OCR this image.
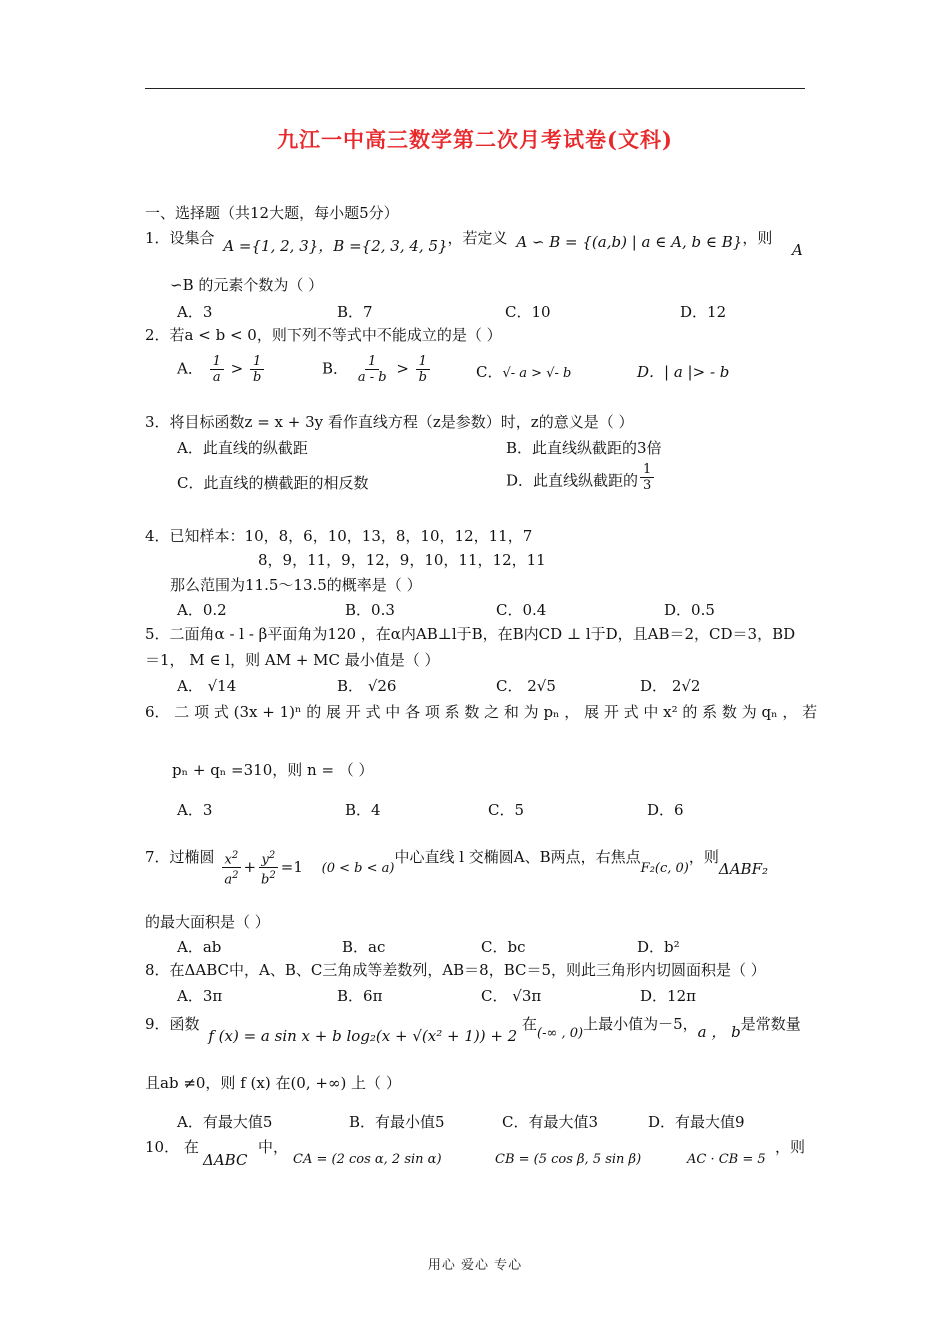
九江一中高三数学第二次月考试卷(文科)
一、选择题（共12大题，每小题5分）
1．设集合 A ={1, 2, 3}，B ={2, 3, 4, 5}，若定义 A ∽ B = {(a,b) | a ∈ A, b ∈ B}，则
A
∽B 的元素个数为（ ）
A．3	B．7	C．10	D．12
2．若a < b < 0，则下列不等式中不能成立的是（ ）
A． $\frac{1}{a} > \frac{1}{b}$	B． $\frac{1}{a - b} > \frac{1}{b}$	C．√- a > √- b	D．| a |> - b
3．将目标函数z = x + 3y 看作直线方程（z是参数）时，z的意义是（ ）
A．此直线的纵截距	B．此直线纵截距的3倍
C．此直线的横截距的相反数	D．此直线纵截距的 $\frac{1}{3}$
4．已知样本：10，8，6，10，13，8，10，12，11，7
8，9，11，9，12，9，10，11，12，11
那么范围为11.5～13.5的概率是（ ）
A．0.2	B．0.3	C．0.4	D．0.5
5．二面角α - l - β平面角为120 ，在α内AB⊥l于B，在B内CD ⊥ l于D，且AB＝2，CD＝3，BD
＝1， M ∈ l，则 AM + MC 最小值是（ ）
A． √14	B． √26	C． 2√5	D． 2√2
6． 二 项 式 (3x + 1)ⁿ 的 展 开 式 中 各 项 系 数 之 和 为 pₙ ， 展 开 式 中 x² 的 系 数 为 qₙ ， 若
pₙ + qₙ =310，则 n = （ ）
A．3	B．4	C．5	D．6
7．过椭圆 $\frac{x^2}{a^2} + \frac{y^2}{b^2} =1$ (0 < b < a)中心直线 l 交椭圆A、B两点，右焦点F₂(c, 0)，则ΔABF₂
的最大面积是（ ）
A．ab	B．ac	C．bc	D．b²
8．在ΔABC中，A、B、C三角成等差数列，AB＝8，BC＝5，则此三角形内切圆面积是（ ）
A．3π	B．6π	C． √3π	D．12π
9．函数 f (x) = a sin x + b log₂(x + √(x² + 1)) + 2 在(-∞ , 0)上最小值为－5，a ， b是常数量
且ab ≠0，则 f (x) 在(0, +∞) 上（ ）
A．有最大值5	B．有最小值5	C．有最大值3	D．有最大值9
10． 在
ΔABC
中，
CA = (2 cos α, 2 sin α)	CB = (5 cos β, 5 sin β)	AC · CB = 5
，则
用心 爱心 专心
